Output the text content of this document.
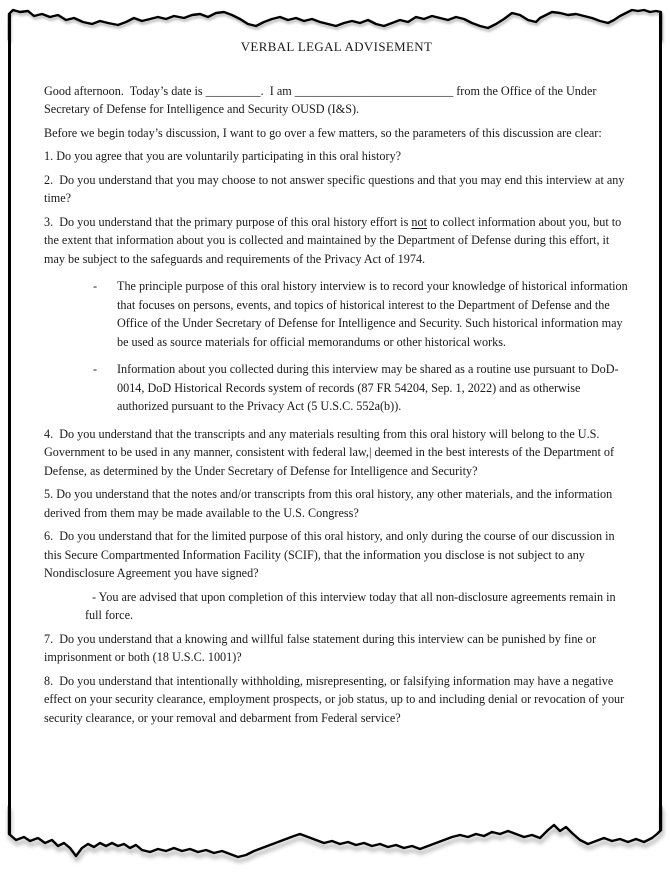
VERBAL LEGAL ADVISEMENT

Good afternoon.  Today’s date is _________.  I am __________________________ from the Office of the Under Secretary of Defense for Intelligence and Security OUSD (I&S).

Before we begin today’s discussion, I want to go over a few matters, so the parameters of this discussion are clear:

1. Do you agree that you are voluntarily participating in this oral history?

2.  Do you understand that you may choose to not answer specific questions and that you may end this interview at any time?

3.  Do you understand that the primary purpose of this oral history effort is not to collect information about you, but to the extent that information about you is collected and maintained by the Department of Defense during this effort, it may be subject to the safeguards and requirements of the Privacy Act of 1974.

-	The principle purpose of this oral history interview is to record your knowledge of historical information that focuses on persons, events, and topics of historical interest to the Department of Defense and the Office of the Under Secretary of Defense for Intelligence and Security. Such historical information may be used as source materials for official memorandums or other historical works.
-	Information about you collected during this interview may be shared as a routine use pursuant to DoD-0014, DoD Historical Records system of records (87 FR 54204, Sep. 1, 2022) and as otherwise authorized pursuant to the Privacy Act (5 U.S.C. 552a(b)).

4.  Do you understand that the transcripts and any materials resulting from this oral history will belong to the U.S. Government to be used in any manner, consistent with federal law,| deemed in the best interests of the Department of Defense, as determined by the Under Secretary of Defense for Intelligence and Security?

5. Do you understand that the notes and/or transcripts from this oral history, any other materials, and the information derived from them may be made available to the U.S. Congress?

6.  Do you understand that for the limited purpose of this oral history, and only during the course of our discussion in this Secure Compartmented Information Facility (SCIF), that the information you disclose is not subject to any Nondisclosure Agreement you have signed?

- You are advised that upon completion of this interview today that all non-disclosure agreements remain in full force.

7.  Do you understand that a knowing and willful false statement during this interview can be punished by fine or imprisonment or both (18 U.S.C. 1001)?

8.  Do you understand that intentionally withholding, misrepresenting, or falsifying information may have a negative effect on your security clearance, employment prospects, or job status, up to and including denial or revocation of your security clearance, or your removal and debarment from Federal service?
